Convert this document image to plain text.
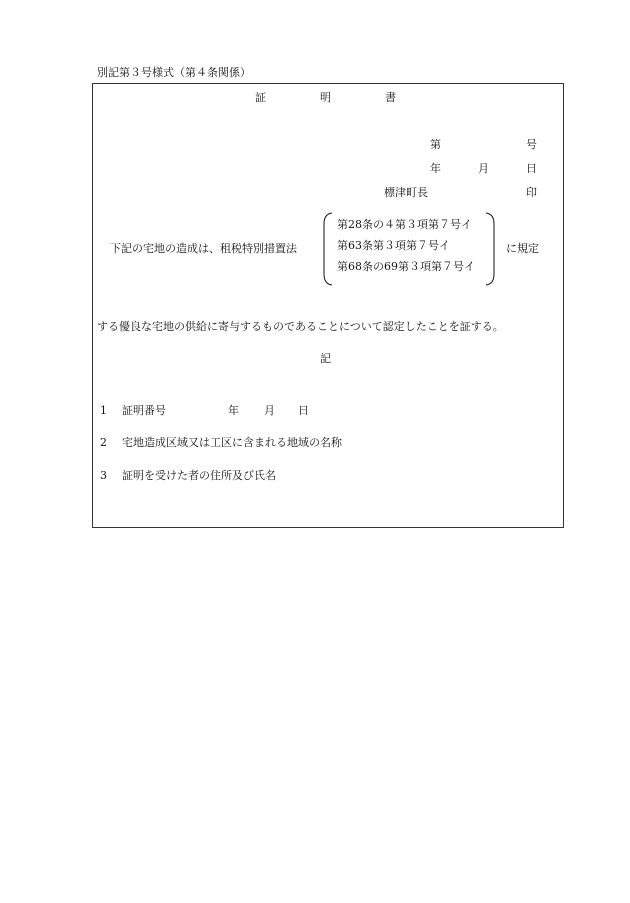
別記第３号様式（第４条関係）
証	明	書
第	号
年	月	日
標津町長	印
下記の宅地の造成は、租税特別措置法
第28条の４第３項第７号イ
第63条第３項第７号イ
第68条の69第３項第７号イ
に規定
する優良な宅地の供給に寄与するものであることについて認定したことを証する。
記
1 証明番号	年 月 日
2 宅地造成区域又は工区に含まれる地域の名称
3 証明を受けた者の住所及び氏名
